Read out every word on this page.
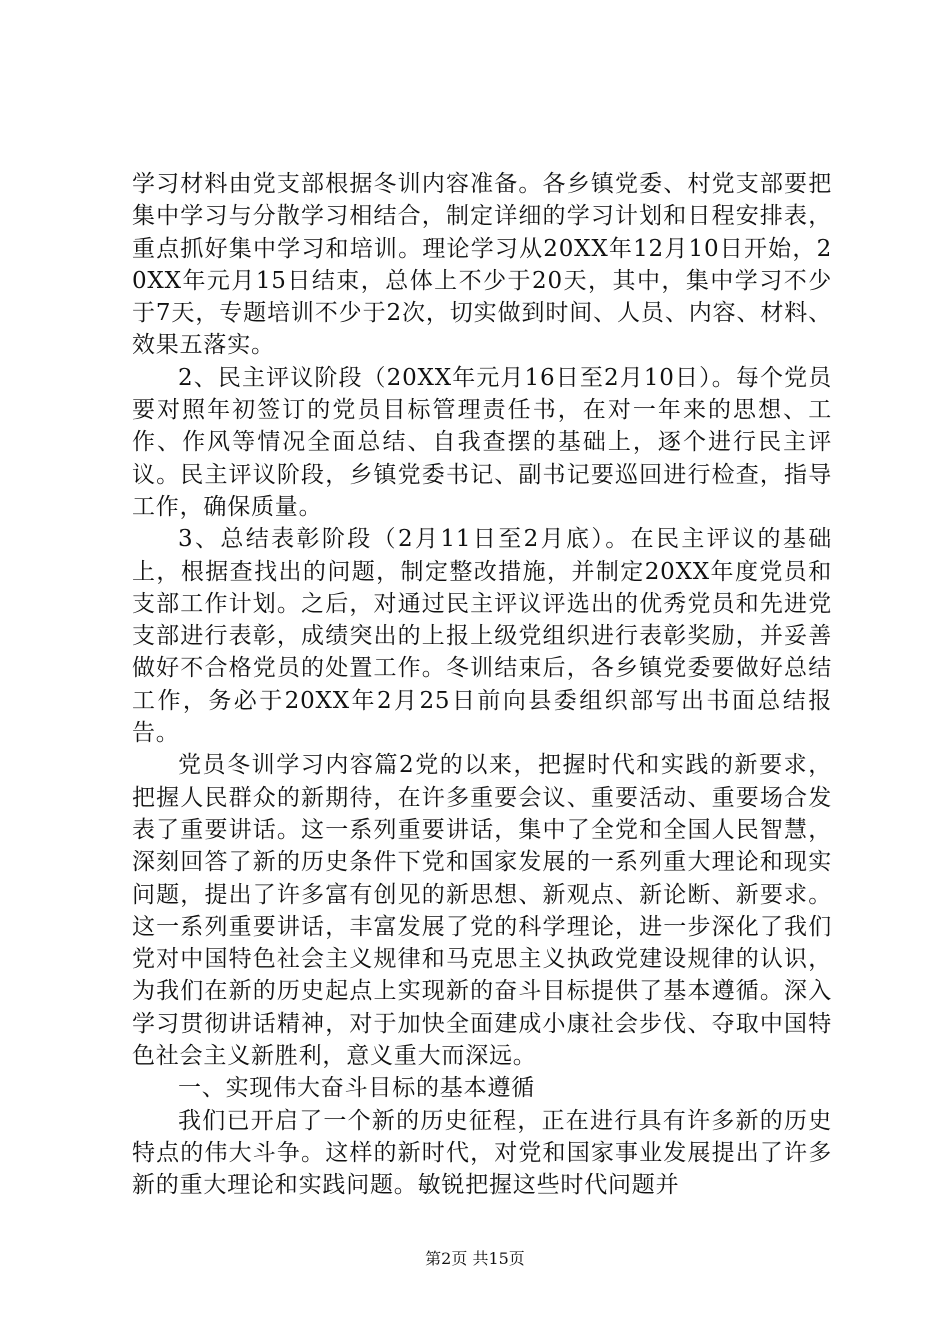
学习材料由党支部根据冬训内容准备。各乡镇党委、村党支部要把集中学习与分散学习相结合，制定详细的学习计划和日程安排表，重点抓好集中学习和培训。理论学习从20XX年12月10日开始，20XX年元月15日结束，总体上不少于20天，其中，集中学习不少于7天，专题培训不少于2次，切实做到时间、人员、内容、材料、效果五落实。

2、民主评议阶段（20XX年元月16日至2月10日）。每个党员要对照年初签订的党员目标管理责任书，在对一年来的思想、工作、作风等情况全面总结、自我查摆的基础上，逐个进行民主评议。民主评议阶段，乡镇党委书记、副书记要巡回进行检查，指导工作，确保质量。

3、总结表彰阶段（2月11日至2月底）。在民主评议的基础上，根据查找出的问题，制定整改措施，并制定20XX年度党员和支部工作计划。之后，对通过民主评议评选出的优秀党员和先进党支部进行表彰，成绩突出的上报上级党组织进行表彰奖励，并妥善做好不合格党员的处置工作。冬训结束后，各乡镇党委要做好总结工作，务必于20XX年2月25日前向县委组织部写出书面总结报告。

党员冬训学习内容篇2党的以来，把握时代和实践的新要求，把握人民群众的新期待，在许多重要会议、重要活动、重要场合发表了重要讲话。这一系列重要讲话，集中了全党和全国人民智慧，深刻回答了新的历史条件下党和国家发展的一系列重大理论和现实问题，提出了许多富有创见的新思想、新观点、新论断、新要求。这一系列重要讲话，丰富发展了党的科学理论，进一步深化了我们党对中国特色社会主义规律和马克思主义执政党建设规律的认识，为我们在新的历史起点上实现新的奋斗目标提供了基本遵循。深入学习贯彻讲话精神，对于加快全面建成小康社会步伐、夺取中国特色社会主义新胜利，意义重大而深远。

一、实现伟大奋斗目标的基本遵循

我们已开启了一个新的历史征程，正在进行具有许多新的历史特点的伟大斗争。这样的新时代，对党和国家事业发展提出了许多新的重大理论和实践问题。敏锐把握这些时代问题并

第2页 共15页
